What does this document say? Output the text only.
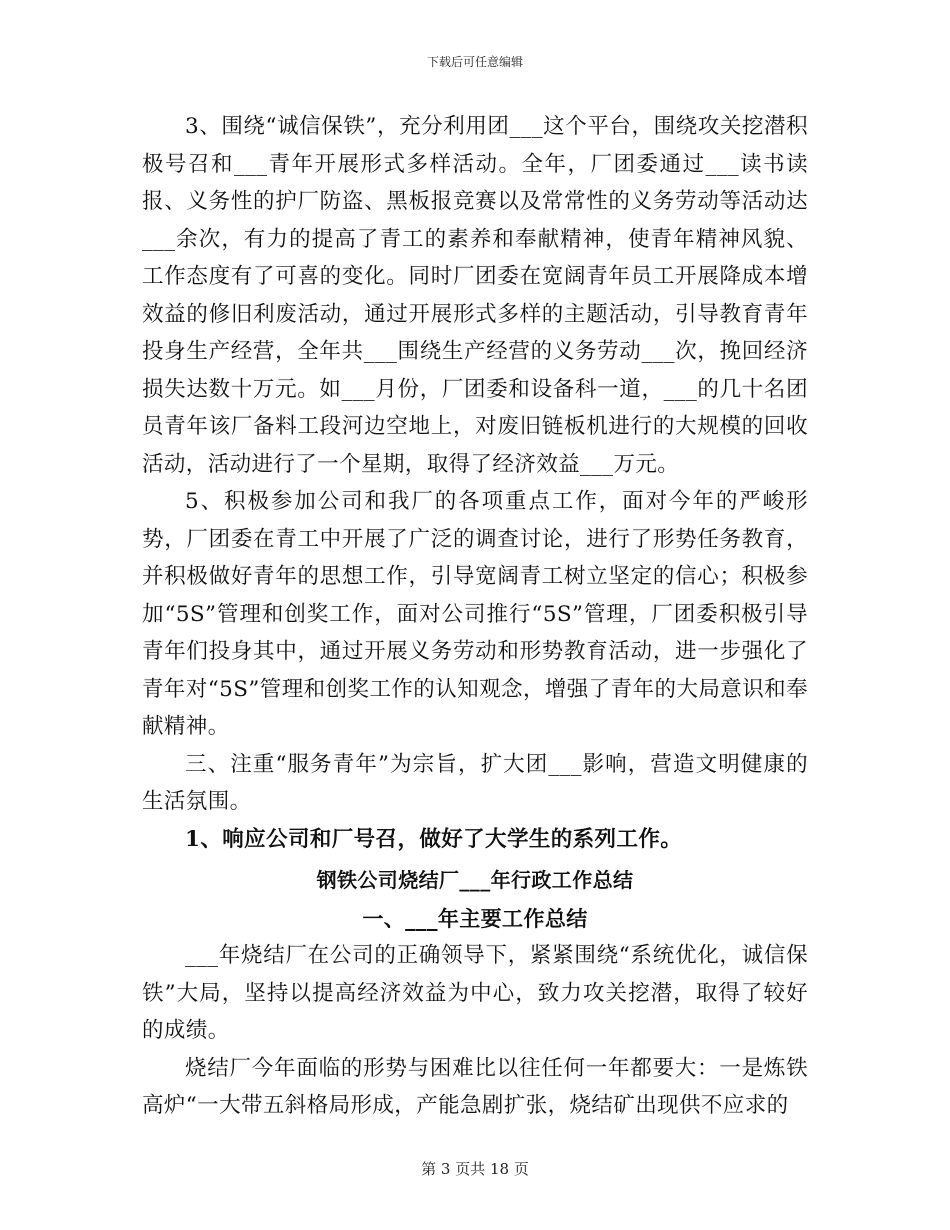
下载后可任意编辑

3、围绕“诚信保铁”，充分利用团___这个平台，围绕攻关挖潜积极号召和___青年开展形式多样活动。全年，厂团委通过___读书读报、义务性的护厂防盗、黑板报竞赛以及常常性的义务劳动等活动达___余次，有力的提高了青工的素养和奉献精神，使青年精神风貌、工作态度有了可喜的变化。同时厂团委在宽阔青年员工开展降成本增效益的修旧利废活动，通过开展形式多样的主题活动，引导教育青年投身生产经营，全年共___围绕生产经营的义务劳动___次，挽回经济损失达数十万元。如___月份，厂团委和设备科一道，___的几十名团员青年该厂备料工段河边空地上，对废旧链板机进行的大规模的回收活动，活动进行了一个星期，取得了经济效益___万元。

5、积极参加公司和我厂的各项重点工作，面对今年的严峻形势，厂团委在青工中开展了广泛的调查讨论，进行了形势任务教育，并积极做好青年的思想工作，引导宽阔青工树立坚定的信心；积极参加“5S”管理和创奖工作，面对公司推行“5S”管理，厂团委积极引导青年们投身其中，通过开展义务劳动和形势教育活动，进一步强化了青年对“5S”管理和创奖工作的认知观念，增强了青年的大局意识和奉献精神。

三、注重“服务青年”为宗旨，扩大团___影响，营造文明健康的生活氛围。

1、响应公司和厂号召，做好了大学生的系列工作。

钢铁公司烧结厂___年行政工作总结

一、___年主要工作总结

___年烧结厂在公司的正确领导下，紧紧围绕“系统优化，诚信保铁”大局，坚持以提高经济效益为中心，致力攻关挖潜，取得了较好的成绩。

烧结厂今年面临的形势与困难比以往任何一年都要大：一是炼铁高炉“一大带五斜格局形成，产能急剧扩张，烧结矿出现供不应求的

第 3 页共 18 页
